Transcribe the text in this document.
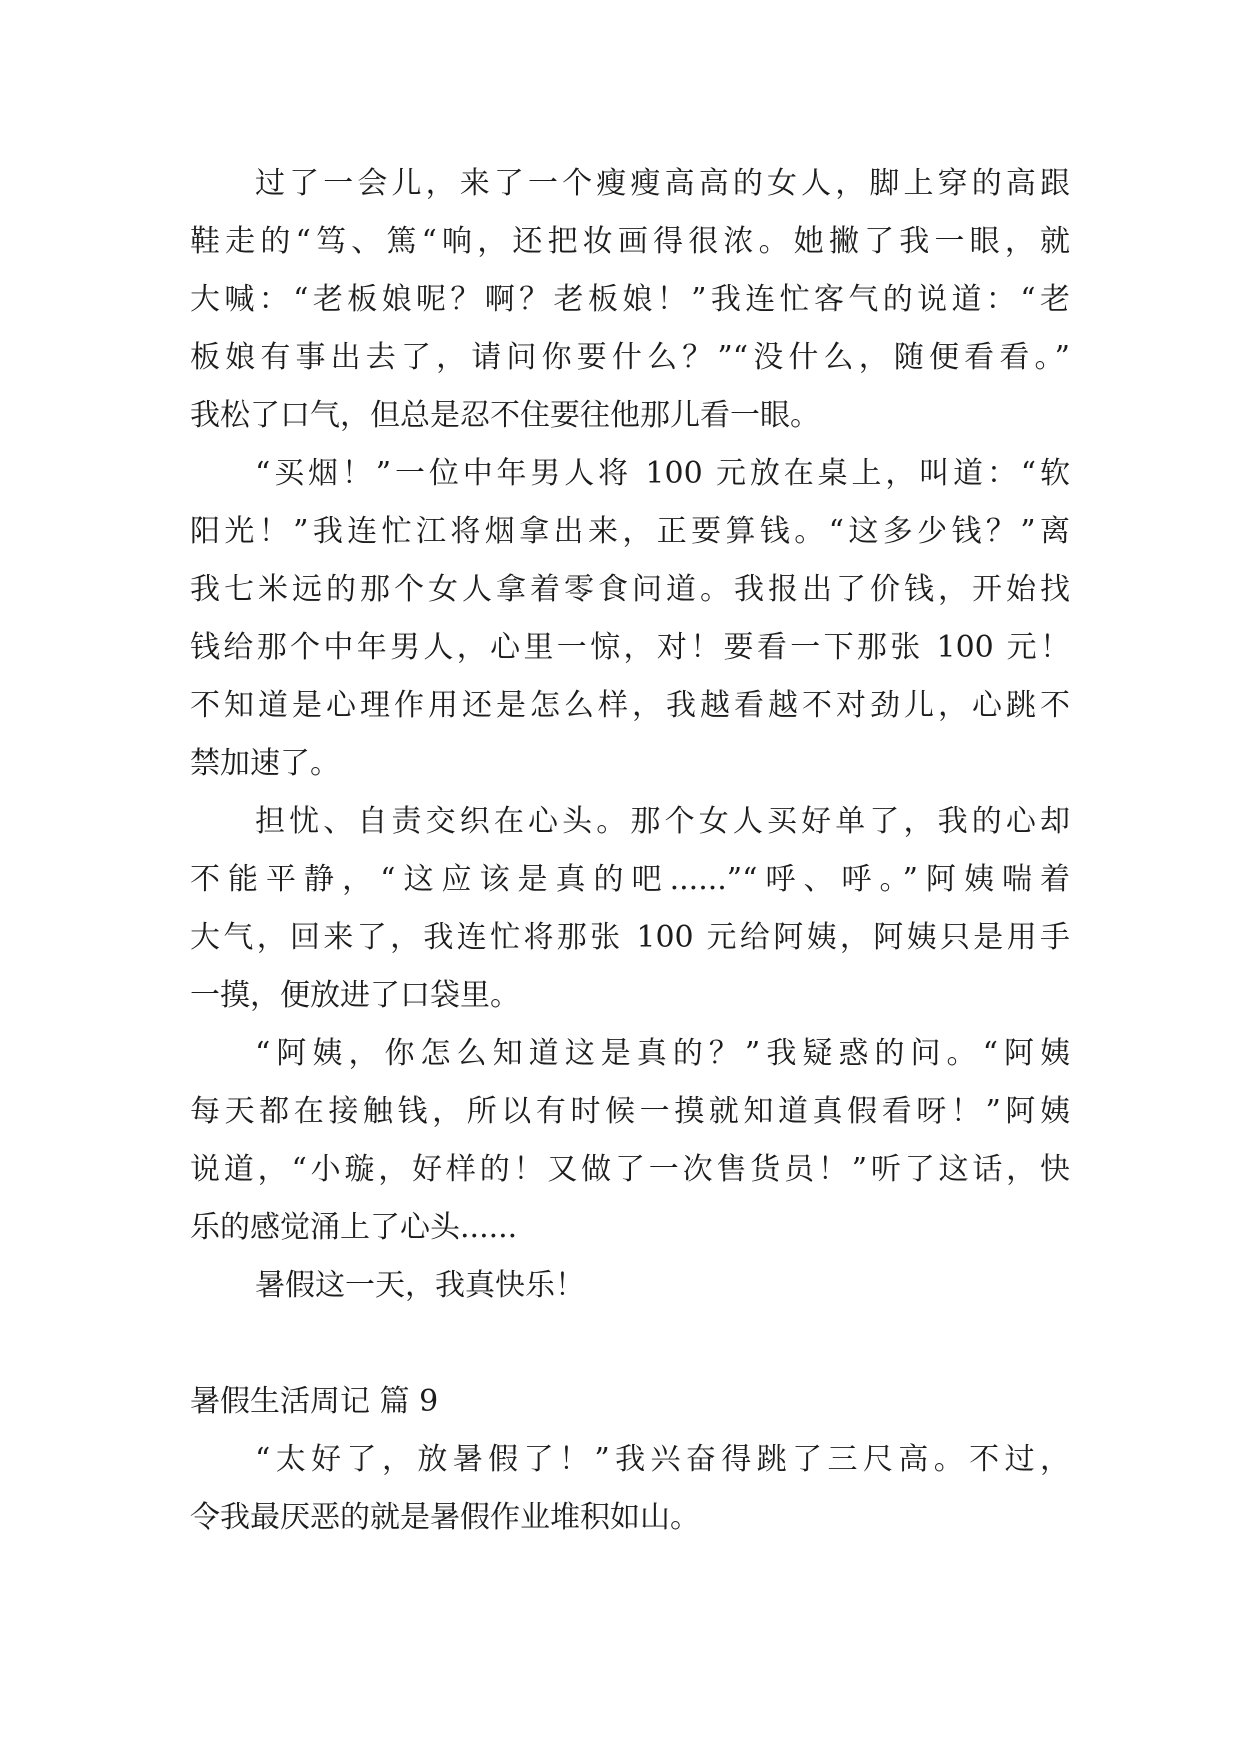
过了一会儿，来了一个瘦瘦高高的女人，脚上穿的高跟
鞋走的“笃、篤“响，还把妆画得很浓。她撇了我一眼，就
大喊：“老板娘呢？啊？老板娘！”我连忙客气的说道：“老
板娘有事出去了，请问你要什么？”“没什么，随便看看。”
我松了口气，但总是忍不住要往他那儿看一眼。
“买烟！”一位中年男人将 100 元放在桌上，叫道：“软
阳光！”我连忙江将烟拿出来，正要算钱。“这多少钱？”离
我七米远的那个女人拿着零食问道。我报出了价钱，开始找
钱给那个中年男人，心里一惊，对！要看一下那张 100 元！
不知道是心理作用还是怎么样，我越看越不对劲儿，心跳不
禁加速了。
担忧、自责交织在心头。那个女人买好单了，我的心却
不能平静，“这应该是真的吧......”“呼、呼。”阿姨喘着
大气，回来了，我连忙将那张 100 元给阿姨，阿姨只是用手
一摸，便放进了口袋里。
“阿姨，你怎么知道这是真的？”我疑惑的问。“阿姨
每天都在接触钱，所以有时候一摸就知道真假看呀！”阿姨
说道，“小璇，好样的！又做了一次售货员！”听了这话，快
乐的感觉涌上了心头......
暑假这一天，我真快乐！
暑假生活周记 篇 9
“太好了，放暑假了！”我兴奋得跳了三尺高。不过，
令我最厌恶的就是暑假作业堆积如山。
